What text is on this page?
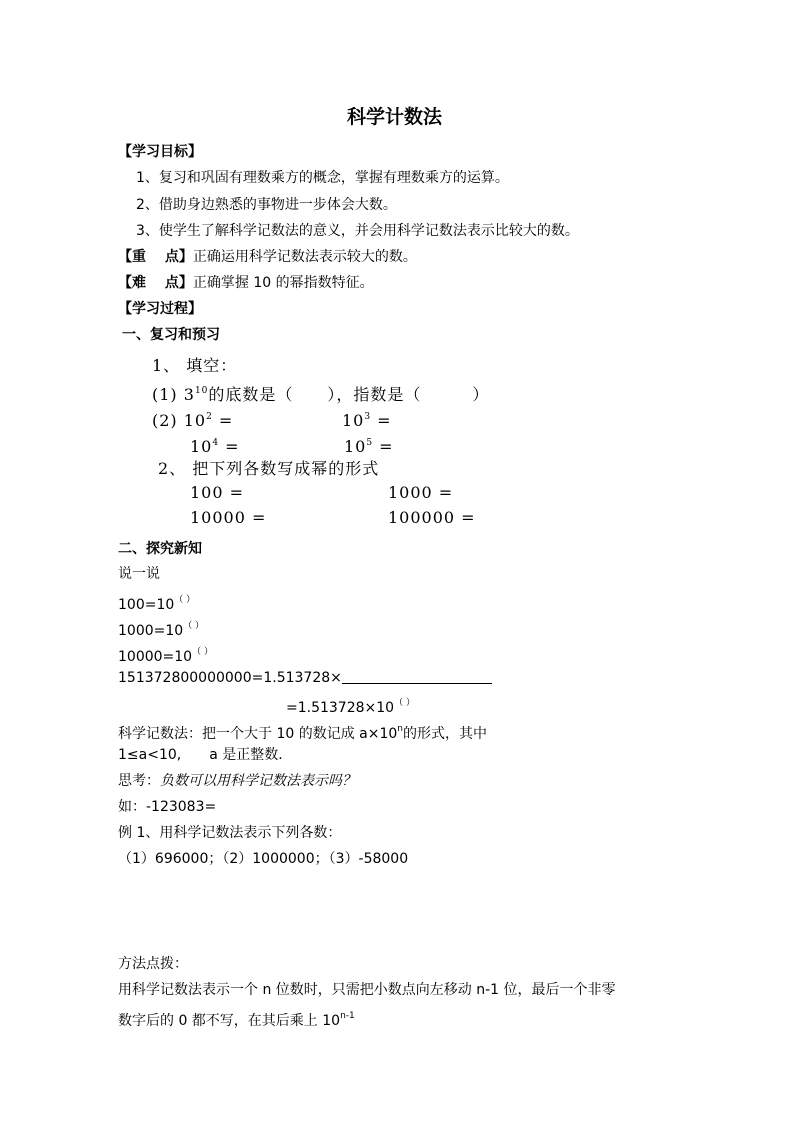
科学计数法
【学习目标】
1、复习和巩固有理数乘方的概念，掌握有理数乘方的运算。
2、借助身边熟悉的事物进一步体会大数。
3、使学生了解科学记数法的意义，并会用科学记数法表示比较大的数。
【重　 点】正确运用科学记数法表示较大的数。
【难　 点】正确掌握 10 的幂指数特征。
【学习过程】
一、复习和预习
1、 填空：
(1) $3^{10}$的底数是（　　），指数是（　　　）
(2) $10^2$ =	$10^3$ =
$10^4$ =	$10^5$ =
2、 把下列各数写成幂的形式
100 =	1000 =
10000 =	100000 =
二、探究新知
说一说
100=10（ ）
1000=10（ ）
10000=10（ ）
151372800000000=1.513728×
=1.513728×10（ ）
科学记数法：把一个大于 10 的数记成 $a\times 10^n$的形式，其中
1≤a<10,　　a 是正整数.
思考：负数可以用科学记数法表示吗？
如：-123083=
例 1、用科学记数法表示下列各数：
（1）696000；（2）1000000；（3）-58000
方法点拨：
用科学记数法表示一个 n 位数时，只需把小数点向左移动 n-1 位，最后一个非零
数字后的 0 都不写，在其后乘上 10$^{n-1}$
